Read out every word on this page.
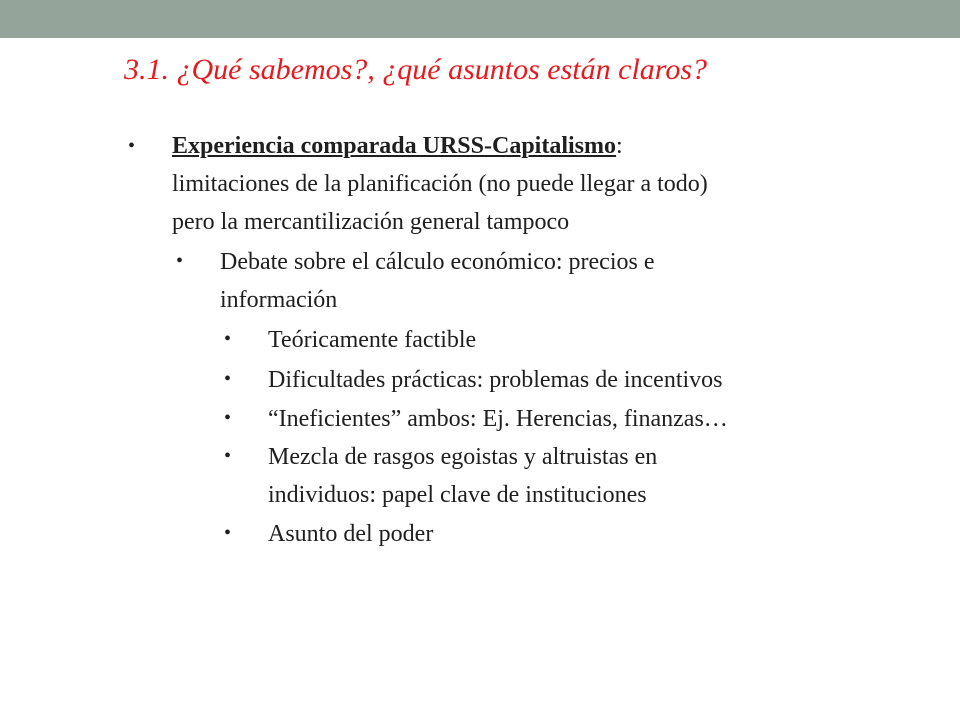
3.1. ¿Qué sabemos?, ¿qué asuntos están claros?
• Experiencia comparada URSS-Capitalismo:
limitaciones de la planificación (no puede llegar a todo)
pero la mercantilización general tampoco
• Debate sobre el cálculo económico: precios e
información
• Teóricamente factible
• Dificultades prácticas: problemas de incentivos
• “Ineficientes” ambos: Ej. Herencias, finanzas…
• Mezcla de rasgos egoistas y altruistas en
individuos: papel clave de instituciones
• Asunto del poder
